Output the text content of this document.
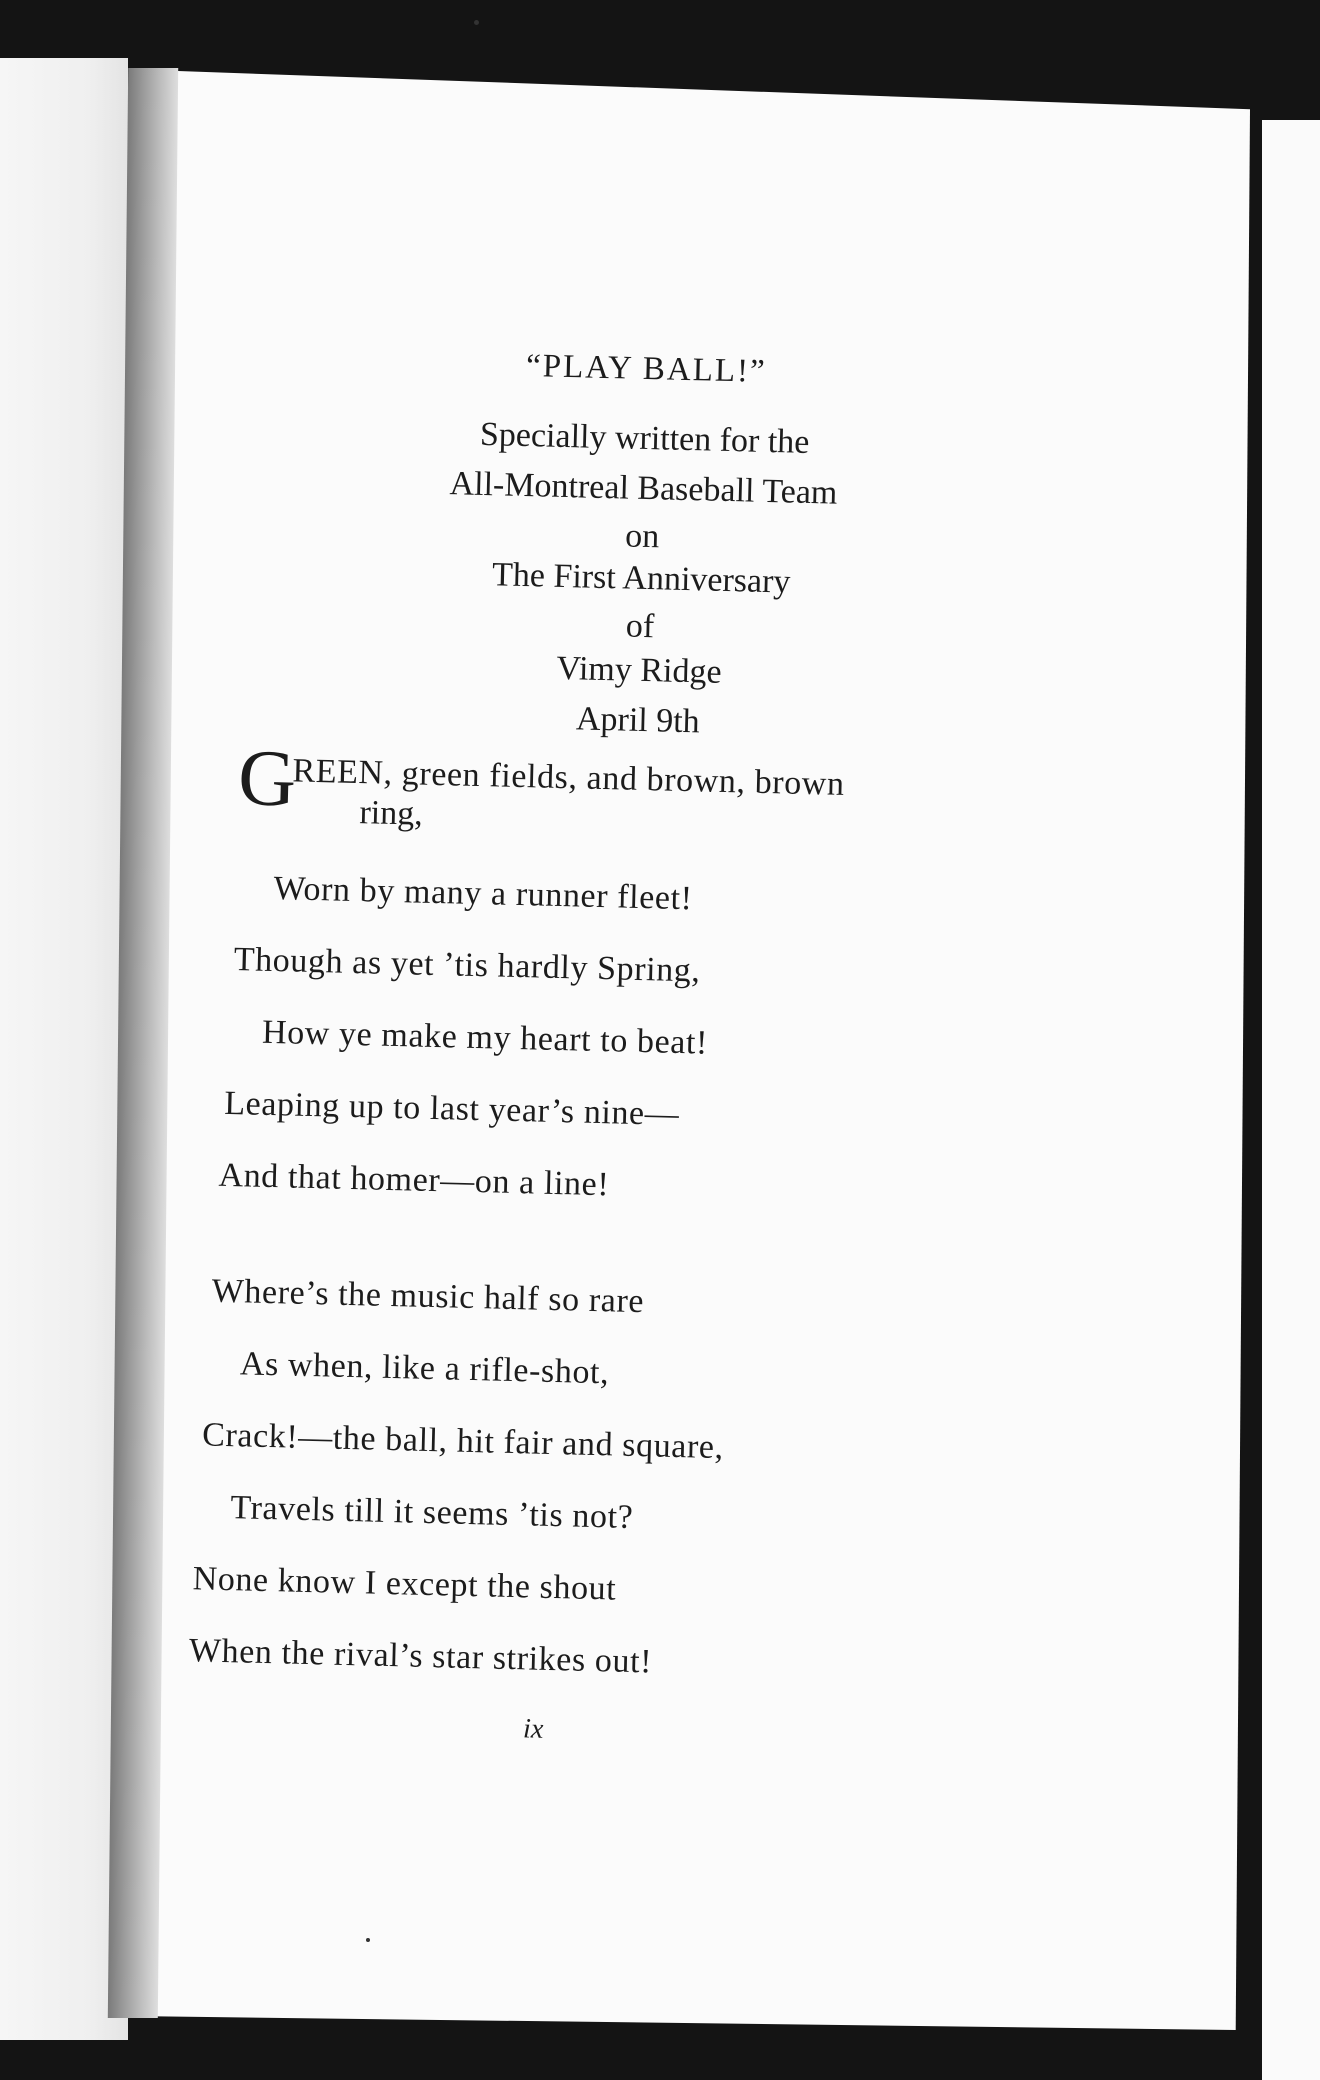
“PLAY BALL!”
Specially written for the
All-Montreal Baseball Team
on
The First Anniversary
of
Vimy Ridge
April 9th
G
REEN, green fields, and brown, brown
ring,
Worn by many a runner fleet!
Though as yet ’tis hardly Spring,
How ye make my heart to beat!
Leaping up to last year’s nine—
And that homer—on a line!
Where’s the music half so rare
As when, like a rifle-shot,
Crack!—the ball, hit fair and square,
Travels till it seems ’tis not?
None know I except the shout
When the rival’s star strikes out!
ix
